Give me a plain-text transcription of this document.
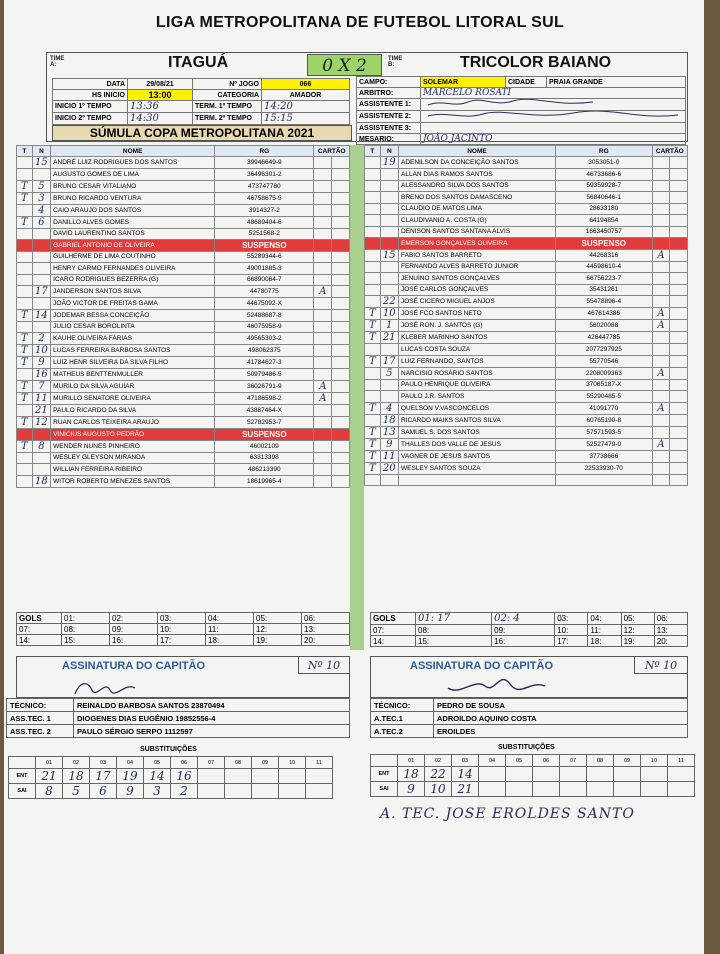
LIGA METROPOLITANA DE FUTEBOL LITORAL SUL
TIME A:	ITAGUÁ	0 X 2	TIME B:	TRICOLOR BAIANO
DATA	29/08/21	Nº JOGO	066
HS INICIO	13:00	CATEGORIA	AMADOR
INICIO 1º TEMPO	13:36	TERM. 1º TEMPO	14:20
INICIO 2º TEMPO	14:30	TERM. 2º TEMPO	15:15
CAMPO:	SOLEMAR	CIDADE	PRAIA GRANDE
ARBITRO:	MARCELO ROSATI		
ASSISTENTE 1:	
ASSISTENTE 2:	
ASSISTENTE 3:			
MESARIO:	JOÃO JACINTO		
SÚMULA COPA METROPOLITANA 2021
T	N	NOME	RG	CARTÃO	
	15	ANDRÉ LUIZ RODRIGUES DOS SANTOS	39946649-9		
		AUGUSTO GOMES DE LIMA	36496301-2		
T	5	BRUNO CESAR VITALIANO	473747780		
T	3	BRUNO RICARDO VENTURA	46758675-5		
	4	CAIO ARAUJO DOS SANTOS	3914327-2		
T	6	DANILLO ALVES GOMES	48689404-6		
		DAVID LAURENTINO SANTOS	5251568-2		
		GABRIEL ANTONIO DE OLIVEIRA	SUSPENSO		
		GUILHERME DE LIMA COUTINHO	55289344-6		
		HENRY CARMO FERNANDES OLIVEIRA	49001885-3		
		ICARO RODRIGUES BEZERRA (G)	66890064-7		
	17	JANDERSON SANTOS SILVA	44780775	A	
		JOÃO VICTOR DE FREITAS GAMA	44675092-X		
T	14	JODEMAR BESSA CONCEIÇÃO	52488687-8		
		JULIO CESAR BOROLINTA	46075958-9		
T	2	KAUHE OLIVEIRA FARIAS	49565303-2		
T	10	LUCAS FERREIRA BARBOSA SANTOS	498062375		
T	9	LUIZ HENR SILVEIRA DA SILVA FILHO	41784627-3		
	16	MATHEUS BENTTENMULLER	50979486-5		
T	7	MURILO DA SILVA AGUIAR	36026791-9	A	
T	11	MURILLO SENATORE OLIVEIRA	47186598-2	A	
	21	PAULO RICARDO DA SILVA	43887464-X		
T	12	RUAN CARLOS TEIXEIRA ARAUJO	52782953-7		
		VINICIUS AUGUSTO PEDRÃO	SUSPENSO		
T	8	WENDER NUNES PINHEIRO	46002109		
		WESLEY GLEYSON MIRANDA	63313398		
		WILLIAN FERREIRA RIBEIRO	486213390		
	18	WITOR ROBERTO MENEZES SANTOS	18619965-4		
T	N	NOME	RG	CARTÃO	
	19	ADENILSON DA CONCEIÇÃO SANTOS	3053051-0		
		ALLAN DIAS RAMOS SANTOS	46733686-6		
		ALESSANDRO SILVA DOS SANTOS	59359928-7		
		BRENO DOS SANTOS DAMASCENO	56840646-1		
		CLAUDIO DE MATOS LIMA	28633180		
		CLAUDIVANIO A. COSTA (G)	64194854		
		DENISON SANTOS SANTANA ALVIS	1663450757		
		EMERSON GONÇALVES OLIVEIRA	SUSPENSO		
	15	FABIO SANTOS BARRETO	44268316	A	
		FERNANDO ALVES BARRETO JUNIOR	44598610-4		
		JENUINO SANTOS GONÇALVES	66756223-7		
		JOSÉ CARLOS GONÇALVES	35431261		
	22	JOSÉ CICERO MIGUEL ANJOS	55478896-4		
T	10	JOSÉ FCO SANTOS NETO	467614386	A	
T	1	JOSÉ RON. J. SANTOS (G)	56020088	A	
T	21	KLEBER MARINHO SANTOS	426447785		
		LUCAS COSTA SOUZA	2077297925		
T	17	LUIZ FERNANDO, SANTOS	55770546		
	5	NARCISIO ROSÁRIO SANTOS	2208009363	A	
		PAULO HENRIQUE OLIVEIRA	37065187-X		
		PAULO J.R. SANTOS	55290485-5		
T	4	QUELSON V.VASCONCELOS	41091770	A	
	18	RICARDO MAIKS SANTOS SILVA	60765190-8		
T	13	SAMUEL S. DOS SANTOS	57571593-5		
T	9	THALLES DOS VALLE DE JESUS	52527479-0	A	
T	11	VAGNER DE JESUS SANTOS	37738666		
T	20	WESLEY SANTOS SOUZA	22533930-70		

GOLS	01:	02:	03:	04:	05:	06:
07:	08:	09:	10:	11:	12:	13:
14:	15:	16:	17:	18:	19:	20:
GOLS	01: 17	02: 4	03:	04:	05:	06:
07:	08:	09:	10:	11:	12:	13:
14:	15:	16:	17:	18:	19:	20:
ASSINATURA DO CAPITÃO	Nº 10	ASSINATURA DO CAPITÃO	Nº 10
TÉCNICO:	REINALDO BARBOSA SANTOS 23870494
ASS.TEC. 1	DIOGENES DIAS EUGÊNIO 19852556-4
ASS.TEC. 2	PAULO SÉRGIO SERPO 1112597
TÉCNICO:	PEDRO DE SOUSA
A.TEC.1	ADROILDO AQUINO COSTA
A.TEC.2	EROILDES
SUBSTITUIÇÕES
	01	02	03	04	05	06	07	08	09	10	11
ENT	21	18	17	19	14	16					
SAI	8	5	6	9	3	2					
SUBSTITUIÇÕES
	01	02	03	04	05	06	07	08	09	10	11
ENT	18	22	14								
SAI	9	10	21								
A. TEC. JOSE EROLDES SANTO
